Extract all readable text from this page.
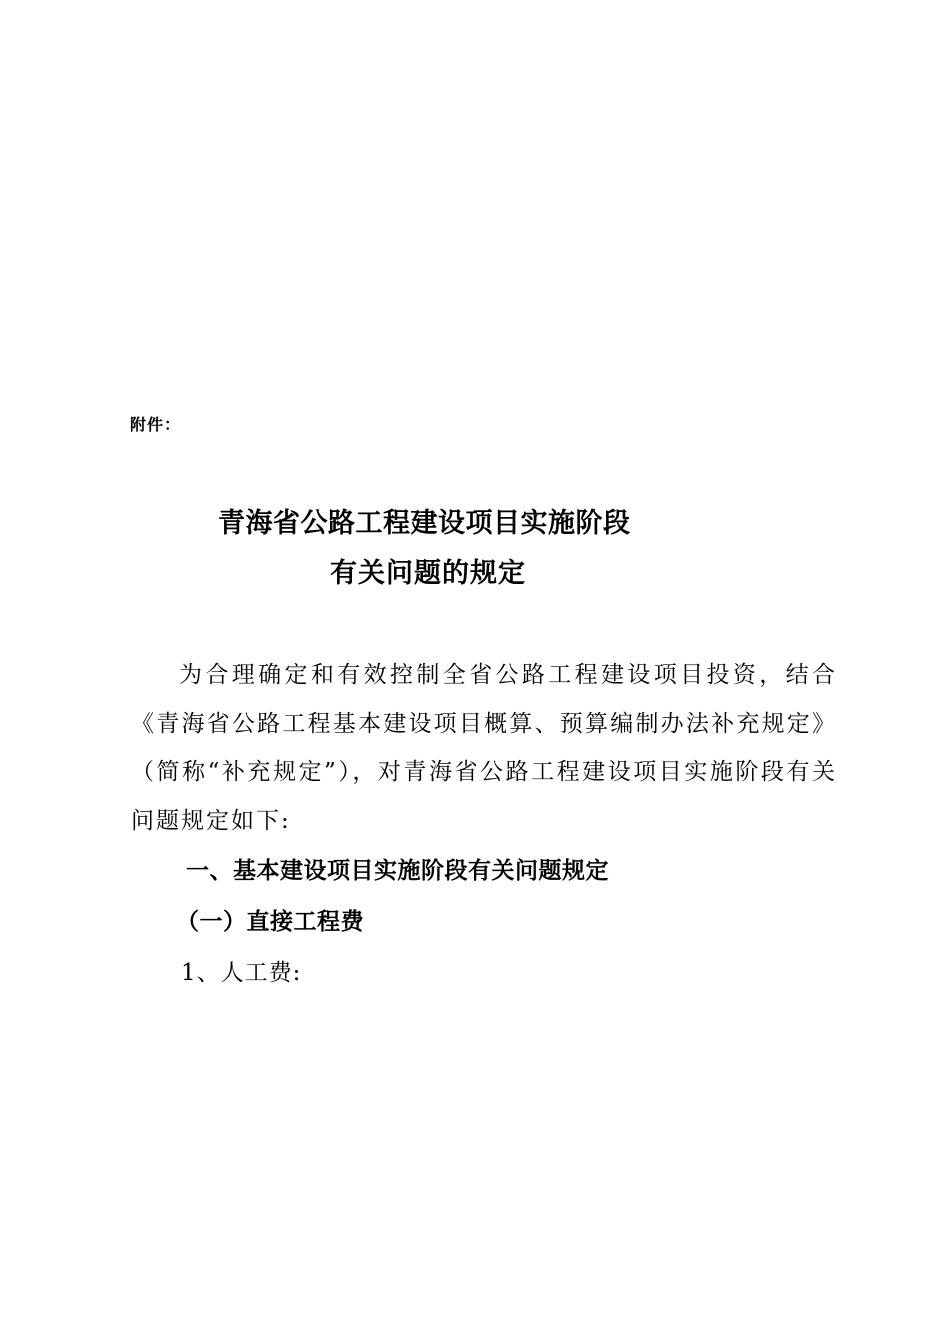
附件：
青海省公路工程建设项目实施阶段
有关问题的规定

为合理确定和有效控制全省公路工程建设项目投资，结合《青海省公路工程基本建设项目概算、预算编制办法补充规定》（简称“补充规定”），对青海省公路工程建设项目实施阶段有关问题规定如下:

一、基本建设项目实施阶段有关问题规定
（一）直接工程费
1、人工费:
